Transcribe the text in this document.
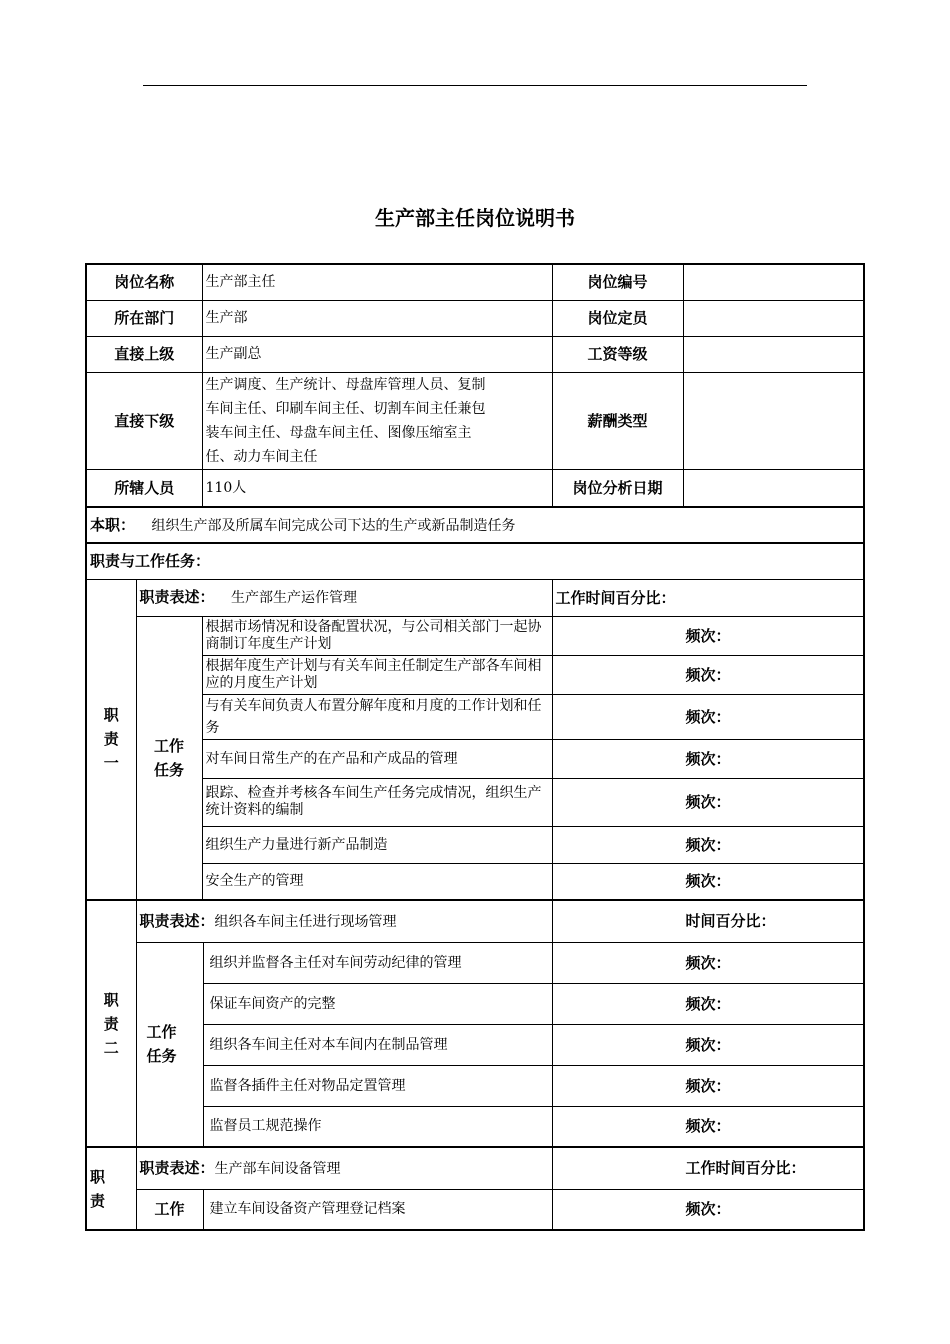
生产部主任岗位说明书
岗位名称		生产部主任	岗位编号	
所在部门		生产部	岗位定员	
直接上级		生产副总	工资等级	
直接下级		生产调度、生产统计、母盘库管理人员、复制
车间主任、印刷车间主任、切割车间主任兼包
装车间主任、母盘车间主任、图像压缩室主
任、动力车间主任	薪酬类型	
所辖人员		110人	岗位分析日期	
本职： 组织生产部及所属车间完成公司下达的生产或新品制造任务				
职责与工作任务：				
职
责
一	职责表述： 生产部生产运作管理		工作时间百分比：	
	工作
任务	根据市场情况和设备配置状况，与公司相关部门一起协商制订年度生产计划	频次：	
		根据年度生产计划与有关车间主任制定生产部各车间相应的月度生产计划	频次：	
		与有关车间负责人布置分解年度和月度的工作计划和任务	频次：	
		对车间日常生产的在产品和产成品的管理	频次：	
		跟踪、检查并考核各车间生产任务完成情况，组织生产统计资料的编制	频次：	
		组织生产力量进行新产品制造	频次：	
		安全生产的管理	频次：	
职
责
二	职责表述：组织各车间主任进行现场管理		时间百分比：	
	工作
任务	组织并监督各主任对车间劳动纪律的管理	频次：	
		保证车间资产的完整	频次：	
		组织各车间主任对本车间内在制品管理	频次：	
		监督各插件主任对物品定置管理	频次：	
		监督员工规范操作	频次：	
职
责	职责表述：生产部车间设备管理		工作时间百分比：	
	工作	建立车间设备资产管理登记档案	频次：	
